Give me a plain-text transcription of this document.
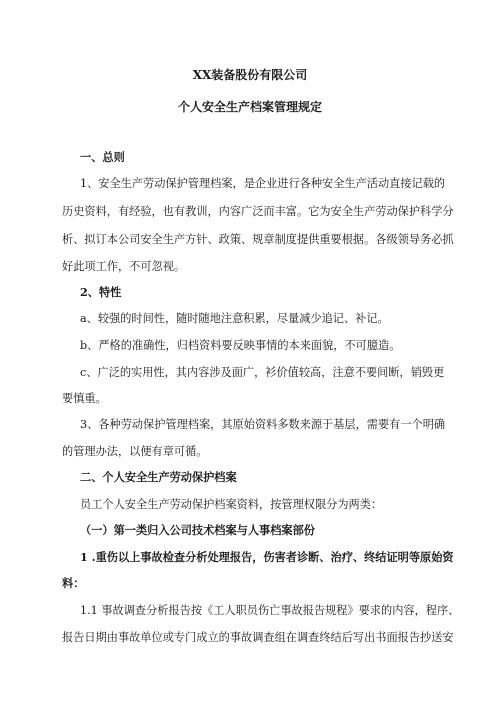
XX装备股份有限公司
个人安全生产档案管理规定
一、总则
1、安全生产劳动保护管理档案，是企业进行各种安全生产活动直接记载的
历史资料，有经验，也有教训，内容广泛而丰富。它为安全生产劳动保护科学分
析、拟订本公司安全生产方针、政策、规章制度提供重要根据。各级领导务必抓
好此项工作，不可忽视。
2、特性
a、较强的时间性，随时随地注意积累，尽量减少追记、补记。
b、严格的准确性，归档资料要反映事情的本来面貌，不可臆造。
c、广泛的实用性，其内容涉及面广，衫价值较高，注意不要间断，销毁更
要慎重。
3、各种劳动保护管理档案，其原始资料多数来源于基层，需要有一个明确
的管理办法，以便有章可循。
二、个人安全生产劳动保护档案
员工个人安全生产劳动保护档案资料，按管理权限分为两类：
（一）第一类归入公司技术档案与人事档案部份
1 .重伤以上事故检查分析处理报告，伤害者诊断、治疗、终结证明等原始资
料：
1.1 事故调查分析报告按《工人职员伤亡事故报告规程》要求的内容，程序、
报告日期由事故单位或专门成立的事故调查组在调查终结后写出书面报告抄送安
